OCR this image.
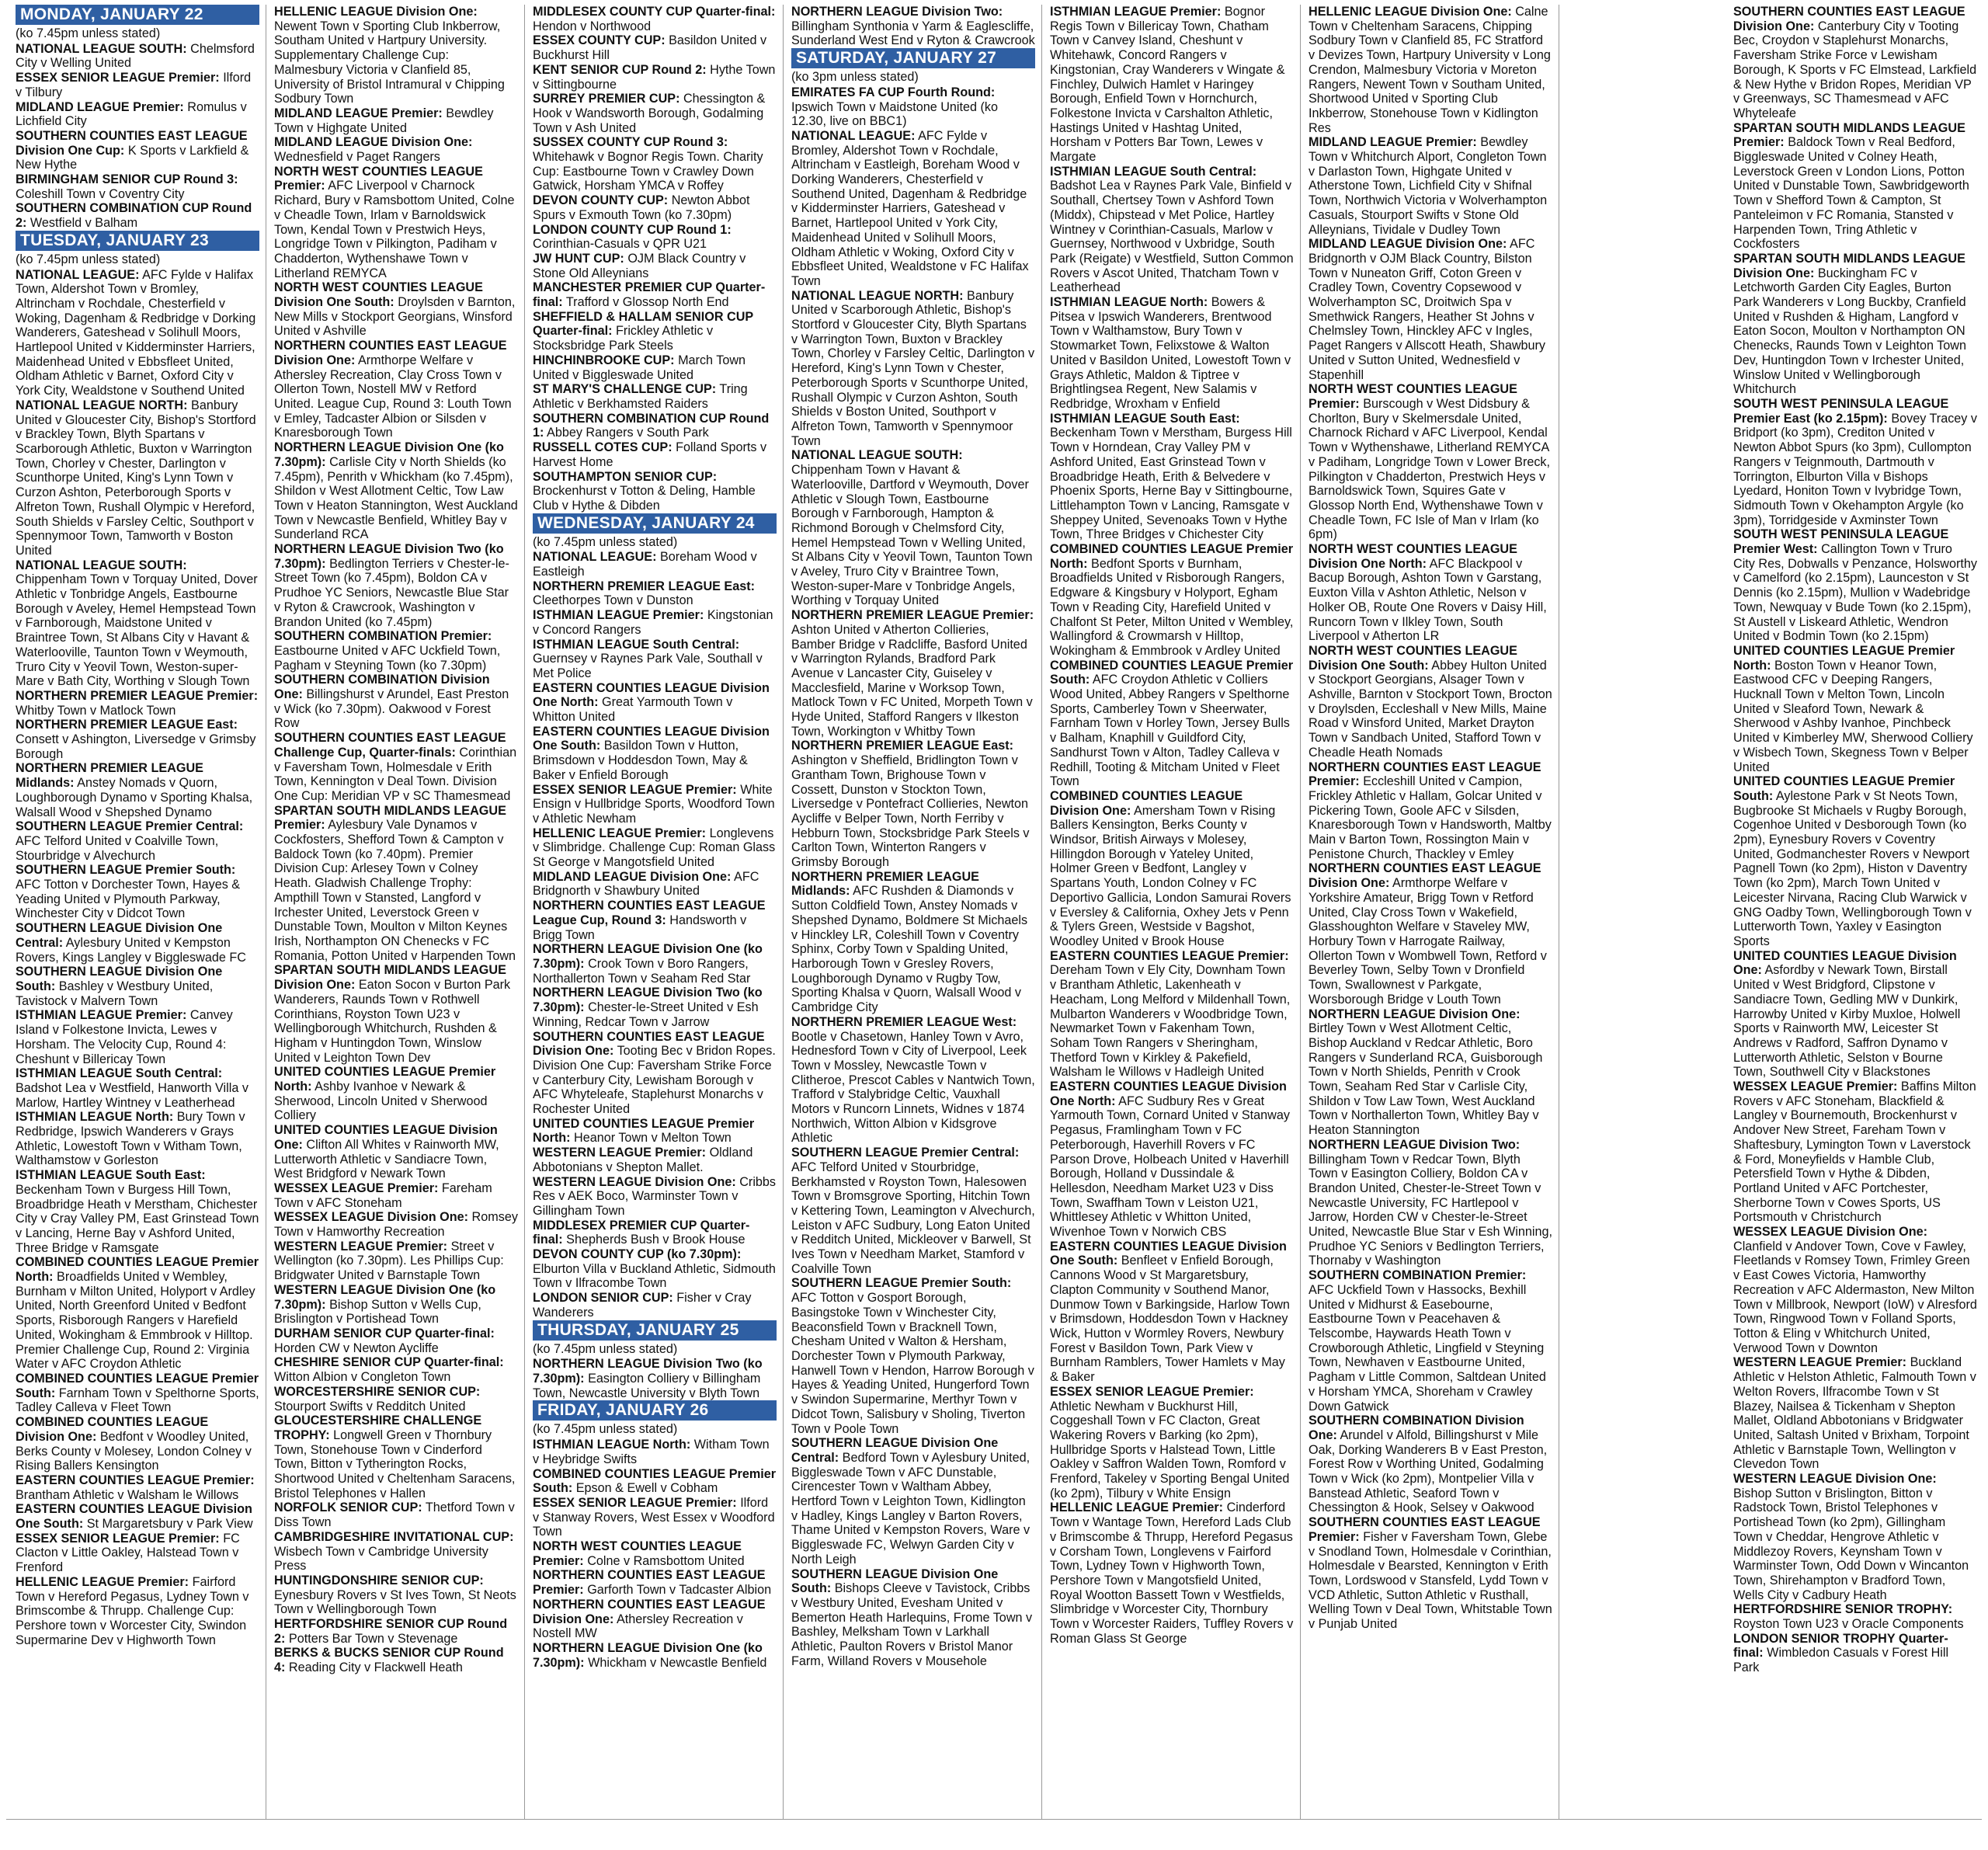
MONDAY, JANUARY 22
(ko 7.45pm unless stated)
NATIONAL LEAGUE SOUTH: Chelmsford City v Welling United
ESSEX SENIOR LEAGUE Premier: Ilford v Tilbury
MIDLAND LEAGUE Premier: Romulus v Lichfield City
SOUTHERN COUNTIES EAST LEAGUE Division One Cup: K Sports v Larkfield & New Hythe
BIRMINGHAM SENIOR CUP Round 3: Coleshill Town v Coventry City
SOUTHERN COMBINATION CUP Round 2: Westfield v Balham
TUESDAY, JANUARY 23
(ko 7.45pm unless stated)
NATIONAL LEAGUE: AFC Fylde v Halifax Town, Aldershot Town v Bromley, Altrincham v Rochdale, Chesterfield v Woking, Dagenham & Redbridge v Dorking Wanderers, Gateshead v Solihull Moors, Hartlepool United v Kidderminster Harriers, Maidenhead United v Ebbsfleet United, Oldham Athletic v Barnet, Oxford City v York City, Wealdstone v Southend United
NATIONAL LEAGUE NORTH: Banbury United v Gloucester City, Bishop's Stortford v Brackley Town, Blyth Spartans v Scarborough Athletic, Buxton v Warrington Town, Chorley v Chester, Darlington v Scunthorpe United, King's Lynn Town v Curzon Ashton, Peterborough Sports v Alfreton Town, Rushall Olympic v Hereford, South Shields v Farsley Celtic, Southport v Spennymoor Town, Tamworth v Boston United
NATIONAL LEAGUE SOUTH: Chippenham Town v Torquay United, Dover Athletic v Tonbridge Angels, Eastbourne Borough v Aveley, Hemel Hempstead Town v Farnborough, Maidstone United v Braintree Town, St Albans City v Havant & Waterlooville, Taunton Town v Weymouth, Truro City v Yeovil Town, Weston-super-Mare v Bath City, Worthing v Slough Town
NORTHERN PREMIER LEAGUE Premier: Whitby Town v Matlock Town
NORTHERN PREMIER LEAGUE East: Consett v Ashington, Liversedge v Grimsby Borough
NORTHERN PREMIER LEAGUE Midlands: Anstey Nomads v Quorn, Loughborough Dynamo v Sporting Khalsa, Walsall Wood v Shepshed Dynamo
SOUTHERN LEAGUE Premier Central: AFC Telford United v Coalville Town, Stourbridge v Alvechurch
SOUTHERN LEAGUE Premier South: AFC Totton v Dorchester Town, Hayes & Yeading United v Plymouth Parkway, Winchester City v Didcot Town
SOUTHERN LEAGUE Division One Central: Aylesbury United v Kempston Rovers, Kings Langley v Biggleswade FC
SOUTHERN LEAGUE Division One South: Bashley v Westbury United, Tavistock v Malvern Town
ISTHMIAN LEAGUE Premier: Canvey Island v Folkestone Invicta, Lewes v Horsham. The Velocity Cup, Round 4: Cheshunt v Billericay Town
ISTHMIAN LEAGUE South Central: Badshot Lea v Westfield, Hanworth Villa v Marlow, Hartley Wintney v Leatherhead
ISTHMIAN LEAGUE North: Bury Town v Redbridge, Ipswich Wanderers v Grays Athletic, Lowestoft Town v Witham Town, Walthamstow v Gorleston
ISTHMIAN LEAGUE South East: Beckenham Town v Burgess Hill Town, Broadbridge Heath v Merstham, Chichester City v Cray Valley PM, East Grinstead Town v Lancing, Herne Bay v Ashford United, Three Bridge v Ramsgate
COMBINED COUNTIES LEAGUE Premier North: Broadfields United v Wembley, Burnham v Milton United, Holyport v Ardley United, North Greenford United v Bedfont Sports, Risborough Rangers v Harefield United, Wokingham & Emmbrook v Hilltop. Premier Challenge Cup, Round 2: Virginia Water v AFC Croydon Athletic
COMBINED COUNTIES LEAGUE Premier South: Farnham Town v Spelthorne Sports, Tadley Calleva v Fleet Town
COMBINED COUNTIES LEAGUE Division One: Bedfont v Woodley United, Berks County v Molesey, London Colney v Rising Ballers Kensington
EASTERN COUNTIES LEAGUE Premier: Brantham Athletic v Walsham le Willows
EASTERN COUNTIES LEAGUE Division One South: St Margaretsbury v Park View
ESSEX SENIOR LEAGUE Premier: FC Clacton v Little Oakley, Halstead Town v Frenford
HELLENIC LEAGUE Premier: Fairford Town v Hereford Pegasus, Lydney Town v Brimscombe & Thrupp. Challenge Cup: Pershore town v Worcester City, Swindon Supermarine Dev v Highworth Town
HELLENIC LEAGUE Division One: Newent Town v Sporting Club Inkberrow, Southam United v Hartpury University. Supplementary Challenge Cup: Malmesbury Victoria v Clanfield 85, University of Bristol Intramural v Chipping Sodbury Town
MIDLAND LEAGUE Premier: Bewdley Town v Highgate United
MIDLAND LEAGUE Division One: Wednesfield v Paget Rangers
NORTH WEST COUNTIES LEAGUE Premier: AFC Liverpool v Charnock Richard, Bury v Ramsbottom United, Colne v Cheadle Town, Irlam v Barnoldswick Town, Kendal Town v Prestwich Heys, Longridge Town v Pilkington, Padiham v Chadderton, Wythenshawe Town v Litherland REMYCA
NORTH WEST COUNTIES LEAGUE Division One South: Droylsden v Barnton, New Mills v Stockport Georgians, Winsford United v Ashville
NORTHERN COUNTIES EAST LEAGUE Division One: Armthorpe Welfare v Athersley Recreation, Clay Cross Town v Ollerton Town, Nostell MW v Retford United. League Cup, Round 3: Louth Town v Emley, Tadcaster Albion or Silsden v Knaresborough Town
NORTHERN LEAGUE Division One (ko 7.30pm): Carlisle City v North Shields (ko 7.45pm), Penrith v Whickham (ko 7.45pm), Shildon v West Allotment Celtic, Tow Law Town v Heaton Stannington, West Auckland Town v Newcastle Benfield, Whitley Bay v Sunderland RCA
NORTHERN LEAGUE Division Two (ko 7.30pm): Bedlington Terriers v Chester-le-Street Town (ko 7.45pm), Boldon CA v Prudhoe YC Seniors, Newcastle Blue Star v Ryton & Crawcrook, Washington v Brandon United (ko 7.45pm)
SOUTHERN COMBINATION Premier: Eastbourne United v AFC Uckfield Town, Pagham v Steyning Town (ko 7.30pm)
SOUTHERN COMBINATION Division One: Billingshurst v Arundel, East Preston v Wick (ko 7.30pm). Oakwood v Forest Row
SOUTHERN COUNTIES EAST LEAGUE Challenge Cup, Quarter-finals: Corinthian v Faversham Town, Holmesdale v Erith Town, Kennington v Deal Town. Division One Cup: Meridian VP v SC Thamesmead
SPARTAN SOUTH MIDLANDS LEAGUE Premier: Aylesbury Vale Dynamos v Cockfosters, Shefford Town & Campton v Baldock Town (ko 7.40pm). Premier Division Cup: Arlesey Town v Colney Heath. Gladwish Challenge Trophy: Ampthill Town v Stansted, Langford v Irchester United, Leverstock Green v Dunstable Town, Moulton v Milton Keynes Irish, Northampton ON Chenecks v FC Romania, Potton United v Harpenden Town
SPARTAN SOUTH MIDLANDS LEAGUE Division One: Eaton Socon v Burton Park Wanderers, Raunds Town v Rothwell Corinthians, Royston Town U23 v Wellingborough Whitchurch, Rushden & Higham v Huntingdon Town, Winslow United v Leighton Town Dev
UNITED COUNTIES LEAGUE Premier North: Ashby Ivanhoe v Newark & Sherwood, Lincoln United v Sherwood Colliery
UNITED COUNTIES LEAGUE Division One: Clifton All Whites v Rainworth MW, Lutterworth Athletic v Sandiacre Town, West Bridgford v Newark Town
WESSEX LEAGUE Premier: Fareham Town v AFC Stoneham
WESSEX LEAGUE Division One: Romsey Town v Hamworthy Recreation
WESTERN LEAGUE Premier: Street v Wellington (ko 7.30pm). Les Phillips Cup: Bridgwater United v Barnstaple Town
WESTERN LEAGUE Division One (ko 7.30pm): Bishop Sutton v Wells Cup, Brislington v Portishead Town
DURHAM SENIOR CUP Quarter-final: Horden CW v Newton Aycliffe
CHESHIRE SENIOR CUP Quarter-final: Witton Albion v Congleton Town
WORCESTERSHIRE SENIOR CUP: Stourport Swifts v Redditch United
GLOUCESTERSHIRE CHALLENGE TROPHY: Longwell Green v Thornbury Town, Stonehouse Town v Cinderford Town, Bitton v Tytherington Rocks, Shortwood United v Cheltenham Saracens, Bristol Telephones v Hallen
NORFOLK SENIOR CUP: Thetford Town v Diss Town
CAMBRIDGESHIRE INVITATIONAL CUP: Wisbech Town v Cambridge University Press
HUNTINGDONSHIRE SENIOR CUP: Eynesbury Rovers v St Ives Town, St Neots Town v Wellingborough Town
HERTFORDSHIRE SENIOR CUP Round 2: Potters Bar Town v Stevenage
BERKS & BUCKS SENIOR CUP Round 4: Reading City v Flackwell Heath
MIDDLESEX COUNTY CUP Quarter-final: Hendon v Northwood
ESSEX COUNTY CUP: Basildon United v Buckhurst Hill
KENT SENIOR CUP Round 2: Hythe Town v Sittingbourne
SURREY PREMIER CUP: Chessington & Hook v Wandsworth Borough, Godalming Town v Ash United
SUSSEX COUNTY CUP Round 3: Whitehawk v Bognor Regis Town. Charity Cup: Eastbourne Town v Crawley Down Gatwick, Horsham YMCA v Roffey
DEVON COUNTY CUP: Newton Abbot Spurs v Exmouth Town (ko 7.30pm)
LONDON COUNTY CUP Round 1: Corinthian-Casuals v QPR U21
JW HUNT CUP: OJM Black Country v Stone Old Alleynians
MANCHESTER PREMIER CUP Quarter-final: Trafford v Glossop North End
SHEFFIELD & HALLAM SENIOR CUP Quarter-final: Frickley Athletic v Stocksbridge Park Steels
HINCHINBROOKE CUP: March Town United v Biggleswade United
ST MARY'S CHALLENGE CUP: Tring Athletic v Berkhamsted Raiders
SOUTHERN COMBINATION CUP Round 1: Abbey Rangers v South Park
RUSSELL COTES CUP: Folland Sports v Harvest Home
SOUTHAMPTON SENIOR CUP: Brockenhurst v Totton & Deling, Hamble Club v Hythe & Dibden
WEDNESDAY, JANUARY 24
(ko 7.45pm unless stated)
NATIONAL LEAGUE: Boreham Wood v Eastleigh
NORTHERN PREMIER LEAGUE East: Cleethorpes Town v Dunston
ISTHMIAN LEAGUE Premier: Kingstonian v Concord Rangers
ISTHMIAN LEAGUE South Central: Guernsey v Raynes Park Vale, Southall v Met Police
EASTERN COUNTIES LEAGUE Division One North: Great Yarmouth Town v Whitton United
EASTERN COUNTIES LEAGUE Division One South: Basildon Town v Hutton, Brimsdown v Hoddesdon Town, May & Baker v Enfield Borough
ESSEX SENIOR LEAGUE Premier: White Ensign v Hullbridge Sports, Woodford Town v Athletic Newham
HELLENIC LEAGUE Premier: Longlevens v Slimbridge. Challenge Cup: Roman Glass St George v Mangotsfield United
MIDLAND LEAGUE Division One: AFC Bridgnorth v Shawbury United
NORTHERN COUNTIES EAST LEAGUE League Cup, Round 3: Handsworth v Brigg Town
NORTHERN LEAGUE Division One (ko 7.30pm): Crook Town v Boro Rangers, Northallerton Town v Seaham Red Star
NORTHERN LEAGUE Division Two (ko 7.30pm): Chester-le-Street United v Esh Winning, Redcar Town v Jarrow
SOUTHERN COUNTIES EAST LEAGUE Division One: Tooting Bec v Bridon Ropes. Division One Cup: Faversham Strike Force v Canterbury City, Lewisham Borough v AFC Whyteleafe, Staplehurst Monarchs v Rochester United
UNITED COUNTIES LEAGUE Premier North: Heanor Town v Melton Town
WESTERN LEAGUE Premier: Oldland Abbotonians v Shepton Mallet.
WESTERN LEAGUE Division One: Cribbs Res v AEK Boco, Warminster Town v Gillingham Town
MIDDLESEX PREMIER CUP Quarter-final: Shepherds Bush v Brook House
DEVON COUNTY CUP (ko 7.30pm): Elburton Villa v Buckland Athletic, Sidmouth Town v Ilfracombe Town
LONDON SENIOR CUP: Fisher v Cray Wanderers
THURSDAY, JANUARY 25
(ko 7.45pm unless stated)
NORTHERN LEAGUE Division Two (ko 7.30pm): Easington Colliery v Billingham Town, Newcastle University v Blyth Town
FRIDAY, JANUARY 26
(ko 7.45pm unless stated)
ISTHMIAN LEAGUE North: Witham Town v Heybridge Swifts
COMBINED COUNTIES LEAGUE Premier South: Epson & Ewell v Cobham
ESSEX SENIOR LEAGUE Premier: Ilford v Stanway Rovers, West Essex v Woodford Town
NORTH WEST COUNTIES LEAGUE Premier: Colne v Ramsbottom United
NORTHERN COUNTIES EAST LEAGUE Premier: Garforth Town v Tadcaster Albion
NORTHERN COUNTIES EAST LEAGUE Division One: Athersley Recreation v Nostell MW
NORTHERN LEAGUE Division One (ko 7.30pm): Whickham v Newcastle Benfield
NORTHERN LEAGUE Division Two: Billingham Synthonia v Yarm & Eaglescliffe, Sunderland West End v Ryton & Crawcrook
SATURDAY, JANUARY 27
(ko 3pm unless stated)
EMIRATES FA CUP Fourth Round: Ipswich Town v Maidstone United (ko 12.30, live on BBC1)
NATIONAL LEAGUE: AFC Fylde v Bromley, Aldershot Town v Rochdale, Altrincham v Eastleigh, Boreham Wood v Dorking Wanderers, Chesterfield v Southend United, Dagenham & Redbridge v Kidderminster Harriers, Gateshead v Barnet, Hartlepool United v York City, Maidenhead United v Solihull Moors, Oldham Athletic v Woking, Oxford City v Ebbsfleet United, Wealdstone v FC Halifax Town
NATIONAL LEAGUE NORTH: Banbury United v Scarborough Athletic, Bishop's Stortford v Gloucester City, Blyth Spartans v Warrington Town, Buxton v Brackley Town, Chorley v Farsley Celtic, Darlington v Hereford, King's Lynn Town v Chester, Peterborough Sports v Scunthorpe United, Rushall Olympic v Curzon Ashton, South Shields v Boston United, Southport v Alfreton Town, Tamworth v Spennymoor Town
NATIONAL LEAGUE SOUTH: Chippenham Town v Havant & Waterlooville, Dartford v Weymouth, Dover Athletic v Slough Town, Eastbourne Borough v Farnborough, Hampton & Richmond Borough v Chelmsford City, Hemel Hempstead Town v Welling United, St Albans City v Yeovil Town, Taunton Town v Aveley, Truro City v Braintree Town, Weston-super-Mare v Tonbridge Angels, Worthing v Torquay United
NORTHERN PREMIER LEAGUE Premier: Ashton United v Atherton Collieries, Bamber Bridge v Radcliffe, Basford United v Warrington Rylands, Bradford Park Avenue v Lancaster City, Guiseley v Macclesfield, Marine v Worksop Town, Matlock Town v FC United, Morpeth Town v Hyde United, Stafford Rangers v Ilkeston Town, Workington v Whitby Town
NORTHERN PREMIER LEAGUE East: Ashington v Sheffield, Bridlington Town v Grantham Town, Brighouse Town v Cossett, Dunston v Stockton Town, Liversedge v Pontefract Collieries, Newton Aycliffe v Belper Town, North Ferriby v Hebburn Town, Stocksbridge Park Steels v Carlton Town, Winterton Rangers v Grimsby Borough
NORTHERN PREMIER LEAGUE Midlands: AFC Rushden & Diamonds v Sutton Coldfield Town, Anstey Nomads v Shepshed Dynamo, Boldmere St Michaels v Hinckley LR, Coleshill Town v Coventry Sphinx, Corby Town v Spalding United, Harborough Town v Gresley Rovers, Loughborough Dynamo v Rugby Tow, Sporting Khalsa v Quorn, Walsall Wood v Cambridge City
NORTHERN PREMIER LEAGUE West: Bootle v Chasetown, Hanley Town v Avro, Hednesford Town v City of Liverpool, Leek Town v Mossley, Newcastle Town v Clitheroe, Prescot Cables v Nantwich Town, Trafford v Stalybridge Celtic, Vauxhall Motors v Runcorn Linnets, Widnes v 1874 Northwich, Witton Albion v Kidsgrove Athletic
SOUTHERN LEAGUE Premier Central: AFC Telford United v Stourbridge, Berkhamsted v Royston Town, Halesowen Town v Bromsgrove Sporting, Hitchin Town v Kettering Town, Leamington v Alvechurch, Leiston v AFC Sudbury, Long Eaton United v Redditch United, Mickleover v Barwell, St Ives Town v Needham Market, Stamford v Coalville Town
SOUTHERN LEAGUE Premier South: AFC Totton v Gosport Borough, Basingstoke Town v Winchester City, Beaconsfield Town v Bracknell Town, Chesham United v Walton & Hersham, Dorchester Town v Plymouth Parkway, Hanwell Town v Hendon, Harrow Borough v Hayes & Yeading United, Hungerford Town v Swindon Supermarine, Merthyr Town v Didcot Town, Salisbury v Sholing, Tiverton Town v Poole Town
SOUTHERN LEAGUE Division One Central: Bedford Town v Aylesbury United, Biggleswade Town v AFC Dunstable, Cirencester Town v Waltham Abbey, Hertford Town v Leighton Town, Kidlington v Hadley, Kings Langley v Barton Rovers, Thame United v Kempston Rovers, Ware v Biggleswade FC, Welwyn Garden City v North Leigh
SOUTHERN LEAGUE Division One South: Bishops Cleeve v Tavistock, Cribbs v Westbury United, Evesham United v Bemerton Heath Harlequins, Frome Town v Bashley, Melksham Town v Larkhall Athletic, Paulton Rovers v Bristol Manor Farm, Willand Rovers v Mousehole
ISTHMIAN LEAGUE Premier: Bognor Regis Town v Billericay Town, Chatham Town v Canvey Island, Cheshunt v Whitehawk, Concord Rangers v Kingstonian, Cray Wanderers v Wingate & Finchley, Dulwich Hamlet v Haringey Borough, Enfield Town v Hornchurch, Folkestone Invicta v Carshalton Athletic, Hastings United v Hashtag United, Horsham v Potters Bar Town, Lewes v Margate
ISTHMIAN LEAGUE South Central: Badshot Lea v Raynes Park Vale, Binfield v Southall, Chertsey Town v Ashford Town (Middx), Chipstead v Met Police, Hartley Wintney v Corinthian-Casuals, Marlow v Guernsey, Northwood v Uxbridge, South Park (Reigate) v Westfield, Sutton Common Rovers v Ascot United, Thatcham Town v Leatherhead
ISTHMIAN LEAGUE North: Bowers & Pitsea v Ipswich Wanderers, Brentwood Town v Walthamstow, Bury Town v Stowmarket Town, Felixstowe & Walton United v Basildon United, Lowestoft Town v Grays Athletic, Maldon & Tiptree v Brightlingsea Regent, New Salamis v Redbridge, Wroxham v Enfield
ISTHMIAN LEAGUE South East: Beckenham Town v Merstham, Burgess Hill Town v Horndean, Cray Valley PM v Ashford United, East Grinstead Town v Broadbridge Heath, Erith & Belvedere v Phoenix Sports, Herne Bay v Sittingbourne, Littlehampton Town v Lancing, Ramsgate v Sheppey United, Sevenoaks Town v Hythe Town, Three Bridges v Chichester City
COMBINED COUNTIES LEAGUE Premier North: Bedfont Sports v Burnham, Broadfields United v Risborough Rangers, Edgware & Kingsbury v Holyport, Egham Town v Reading City, Harefield United v Chalfont St Peter, Milton United v Wembley, Wallingford & Crowmarsh v Hilltop, Wokingham & Emmbrook v Ardley United
COMBINED COUNTIES LEAGUE Premier South: AFC Croydon Athletic v Colliers Wood United, Abbey Rangers v Spelthorne Sports, Camberley Town v Sheerwater, Farnham Town v Horley Town, Jersey Bulls v Balham, Knaphill v Guildford City, Sandhurst Town v Alton, Tadley Calleva v Redhill, Tooting & Mitcham United v Fleet Town
COMBINED COUNTIES LEAGUE Division One: Amersham Town v Rising Ballers Kensington, Berks County v Windsor, British Airways v Molesey, Hillingdon Borough v Yateley United, Holmer Green v Bedfont, Langley v Spartans Youth, London Colney v FC Deportivo Gallicia, London Samurai Rovers v Eversley & California, Oxhey Jets v Penn & Tylers Green, Westside v Bagshot, Woodley United v Brook House
EASTERN COUNTIES LEAGUE Premier: Dereham Town v Ely City, Downham Town v Brantham Athletic, Lakenheath v Heacham, Long Melford v Mildenhall Town, Mulbarton Wanderers v Woodbridge Town, Newmarket Town v Fakenham Town, Soham Town Rangers v Sheringham, Thetford Town v Kirkley & Pakefield, Walsham le Willows v Hadleigh United
EASTERN COUNTIES LEAGUE Division One North: AFC Sudbury Res v Great Yarmouth Town, Cornard United v Stanway Pegasus, Framlingham Town v FC Peterborough, Haverhill Rovers v FC Parson Drove, Holbeach United v Haverhill Borough, Holland v Dussindale & Hellesdon, Needham Market U23 v Diss Town, Swaffham Town v Leiston U21, Whittlesey Athletic v Whitton United, Wivenhoe Town v Norwich CBS
EASTERN COUNTIES LEAGUE Division One South: Benfleet v Enfield Borough, Cannons Wood v St Margaretsbury, Clapton Community v Southend Manor, Dunmow Town v Barkingside, Harlow Town v Brimsdown, Hoddesdon Town v Hackney Wick, Hutton v Wormley Rovers, Newbury Forest v Basildon Town, Park View v Burnham Ramblers, Tower Hamlets v May & Baker
ESSEX SENIOR LEAGUE Premier: Athletic Newham v Buckhurst Hill, Coggeshall Town v FC Clacton, Great Wakering Rovers v Barking (ko 2pm), Hullbridge Sports v Halstead Town, Little Oakley v Saffron Walden Town, Romford v Frenford, Takeley v Sporting Bengal United (ko 2pm), Tilbury v White Ensign
HELLENIC LEAGUE Premier: Cinderford Town v Wantage Town, Hereford Lads Club v Brimscombe & Thrupp, Hereford Pegasus v Corsham Town, Longlevens v Fairford Town, Lydney Town v Highworth Town, Pershore Town v Mangotsfield United, Royal Wootton Bassett Town v Westfields, Slimbridge v Worcester City, Thornbury Town v Worcester Raiders, Tuffley Rovers v Roman Glass St George
HELLENIC LEAGUE Division One: Calne Town v Cheltenham Saracens, Chipping Sodbury Town v Clanfield 85, FC Stratford v Devizes Town, Hartpury University v Long Crendon, Malmesbury Victoria v Moreton Rangers, Newent Town v Southam United, Shortwood United v Sporting Club Inkberrow, Stonehouse Town v Kidlington Res
MIDLAND LEAGUE Premier: Bewdley Town v Whitchurch Alport, Congleton Town v Darlaston Town, Highgate United v Atherstone Town, Lichfield City v Shifnal Town, Northwich Victoria v Wolverhampton Casuals, Stourport Swifts v Stone Old Alleynians, Tividale v Dudley Town
MIDLAND LEAGUE Division One: AFC Bridgnorth v OJM Black Country, Bilston Town v Nuneaton Griff, Coton Green v Cradley Town, Coventry Copsewood v Wolverhampton SC, Droitwich Spa v Smethwick Rangers, Heather St Johns v Chelmsley Town, Hinckley AFC v Ingles, Paget Rangers v Allscott Heath, Shawbury United v Sutton United, Wednesfield v Stapenhill
NORTH WEST COUNTIES LEAGUE Premier: Burscough v West Didsbury & Chorlton, Bury v Skelmersdale United, Charnock Richard v AFC Liverpool, Kendal Town v Wythenshawe, Litherland REMYCA v Padiham, Longridge Town v Lower Breck, Pilkington v Chadderton, Prestwich Heys v Barnoldswick Town, Squires Gate v Glossop North End, Wythenshawe Town v Cheadle Town, FC Isle of Man v Irlam (ko 6pm)
NORTH WEST COUNTIES LEAGUE Division One North: AFC Blackpool v Bacup Borough, Ashton Town v Garstang, Euxton Villa v Ashton Athletic, Nelson v Holker OB, Route One Rovers v Daisy Hill, Runcorn Town v Ilkley Town, South Liverpool v Atherton LR
NORTH WEST COUNTIES LEAGUE Division One South: Abbey Hulton United v Stockport Georgians, Alsager Town v Ashville, Barnton v Stockport Town, Brocton v Droylsden, Eccleshall v New Mills, Maine Road v Winsford United, Market Drayton Town v Sandbach United, Stafford Town v Cheadle Heath Nomads
NORTHERN COUNTIES EAST LEAGUE Premier: Eccleshill United v Campion, Frickley Athletic v Hallam, Golcar United v Pickering Town, Goole AFC v Silsden, Knaresborough Town v Handsworth, Maltby Main v Barton Town, Rossington Main v Penistone Church, Thackley v Emley
NORTHERN COUNTIES EAST LEAGUE Division One: Armthorpe Welfare v Yorkshire Amateur, Brigg Town v Retford United, Clay Cross Town v Wakefield, Glasshoughton Welfare v Staveley MW, Horbury Town v Harrogate Railway, Ollerton Town v Wombwell Town, Retford v Beverley Town, Selby Town v Dronfield Town, Swallownest v Parkgate, Worsborough Bridge v Louth Town
NORTHERN LEAGUE Division One: Birtley Town v West Allotment Celtic, Bishop Auckland v Redcar Athletic, Boro Rangers v Sunderland RCA, Guisborough Town v North Shields, Penrith v Crook Town, Seaham Red Star v Carlisle City, Shildon v Tow Law Town, West Auckland Town v Northallerton Town, Whitley Bay v Heaton Stannington
NORTHERN LEAGUE Division Two: Billingham Town v Redcar Town, Blyth Town v Easington Colliery, Boldon CA v Brandon United, Chester-le-Street Town v Newcastle University, FC Hartlepool v Jarrow, Horden CW v Chester-le-Street United, Newcastle Blue Star v Esh Winning, Prudhoe YC Seniors v Bedlington Terriers, Thornaby v Washington
SOUTHERN COMBINATION Premier: AFC Uckfield Town v Hassocks, Bexhill United v Midhurst & Easebourne, Eastbourne Town v Peacehaven & Telscombe, Haywards Heath Town v Crowborough Athletic, Lingfield v Steyning Town, Newhaven v Eastbourne United, Pagham v Little Common, Saltdean United v Horsham YMCA, Shoreham v Crawley Down Gatwick
SOUTHERN COMBINATION Division One: Arundel v Alfold, Billingshurst v Mile Oak, Dorking Wanderers B v East Preston, Forest Row v Worthing United, Godalming Town v Wick (ko 2pm), Montpelier Villa v Banstead Athletic, Seaford Town v Chessington & Hook, Selsey v Oakwood
SOUTHERN COUNTIES EAST LEAGUE Premier: Fisher v Faversham Town, Glebe v Snodland Town, Holmesdale v Corinthian, Holmesdale v Bearsted, Kennington v Erith Town, Lordswood v Stansfeld, Lydd Town v VCD Athletic, Sutton Athletic v Rusthall, Welling Town v Deal Town, Whitstable Town v Punjab United
SOUTHERN COUNTIES EAST LEAGUE Division One: Canterbury City v Tooting Bec, Croydon v Staplehurst Monarchs, Faversham Strike Force v Lewisham Borough, K Sports v FC Elmstead, Larkfield & New Hythe v Bridon Ropes, Meridian VP v Greenways, SC Thamesmead v AFC Whyteleafe
SPARTAN SOUTH MIDLANDS LEAGUE Premier: Baldock Town v Real Bedford, Biggleswade United v Colney Heath, Leverstock Green v London Lions, Potton United v Dunstable Town, Sawbridgeworth Town v Shefford Town & Campton, St Panteleimon v FC Romania, Stansted v Harpenden Town, Tring Athletic v Cockfosters
SPARTAN SOUTH MIDLANDS LEAGUE Division One: Buckingham FC v Letchworth Garden City Eagles, Burton Park Wanderers v Long Buckby, Cranfield United v Rushden & Higham, Langford v Eaton Socon, Moulton v Northampton ON Chenecks, Raunds Town v Leighton Town Dev, Huntingdon Town v Irchester United, Winslow United v Wellingborough Whitchurch
SOUTH WEST PENINSULA LEAGUE Premier East (ko 2.15pm): Bovey Tracey v Bridport (ko 3pm), Crediton United v Newton Abbot Spurs (ko 3pm), Cullompton Rangers v Teignmouth, Dartmouth v Torrington, Elburton Villa v Bishops Lyedard, Honiton Town v Ivybridge Town, Sidmouth Town v Okehampton Argyle (ko 3pm), Torridgeside v Axminster Town
SOUTH WEST PENINSULA LEAGUE Premier West: Callington Town v Truro City Res, Dobwalls v Penzance, Holsworthy v Camelford (ko 2.15pm), Launceston v St Dennis (ko 2.15pm), Mullion v Wadebridge Town, Newquay v Bude Town (ko 2.15pm), St Austell v Liskeard Athletic, Wendron United v Bodmin Town (ko 2.15pm)
UNITED COUNTIES LEAGUE Premier North: Boston Town v Heanor Town, Eastwood CFC v Deeping Rangers, Hucknall Town v Melton Town, Lincoln United v Sleaford Town, Newark & Sherwood v Ashby Ivanhoe, Pinchbeck United v Kimberley MW, Sherwood Colliery v Wisbech Town, Skegness Town v Belper United
UNITED COUNTIES LEAGUE Premier South: Aylestone Park v St Neots Town, Bugbrooke St Michaels v Rugby Borough, Cogenhoe United v Desborough Town (ko 2pm), Eynesbury Rovers v Coventry United, Godmanchester Rovers v Newport Pagnell Town (ko 2pm), Histon v Daventry Town (ko 2pm), March Town United v Leicester Nirvana, Racing Club Warwick v GNG Oadby Town, Wellingborough Town v Lutterworth Town, Yaxley v Easington Sports
UNITED COUNTIES LEAGUE Division One: Asfordby v Newark Town, Birstall United v West Bridgford, Clipstone v Sandiacre Town, Gedling MW v Dunkirk, Harrowby United v Kirby Muxloe, Holwell Sports v Rainworth MW, Leicester St Andrews v Radford, Saffron Dynamo v Lutterworth Athletic, Selston v Bourne Town, Southwell City v Blackstones
WESSEX LEAGUE Premier: Baffins Milton Rovers v AFC Stoneham, Blackfield & Langley v Bournemouth, Brockenhurst v Andover New Street, Fareham Town v Shaftesbury, Lymington Town v Laverstock & Ford, Moneyfields v Hamble Club, Petersfield Town v Hythe & Dibden, Portland United v AFC Portchester, Sherborne Town v Cowes Sports, US Portsmouth v Christchurch
WESSEX LEAGUE Division One: Clanfield v Andover Town, Cove v Fawley, Fleetlands v Romsey Town, Frimley Green v East Cowes Victoria, Hamworthy Recreation v AFC Aldermaston, New Milton Town v Millbrook, Newport (IoW) v Alresford Town, Ringwood Town v Folland Sports, Totton & Eling v Whitchurch United, Verwood Town v Downton
WESTERN LEAGUE Premier: Buckland Athletic v Helston Athletic, Falmouth Town v Welton Rovers, Ilfracombe Town v St Blazey, Nailsea & Tickenham v Shepton Mallet, Oldland Abbotonians v Bridgwater United, Saltash United v Brixham, Torpoint Athletic v Barnstaple Town, Wellington v Clevedon Town
WESTERN LEAGUE Division One: Bishop Sutton v Brislington, Bitton v Radstock Town, Bristol Telephones v Portishead Town (ko 2pm), Gillingham Town v Cheddar, Hengrove Athletic v Middlezoy Rovers, Keynsham Town v Warminster Town, Odd Down v Wincanton Town, Shirehampton v Bradford Town, Wells City v Cadbury Heath
HERTFORDSHIRE SENIOR TROPHY: Royston Town U23 v Oracle Components
LONDON SENIOR TROPHY Quarter-final: Wimbledon Casuals v Forest Hill Park
